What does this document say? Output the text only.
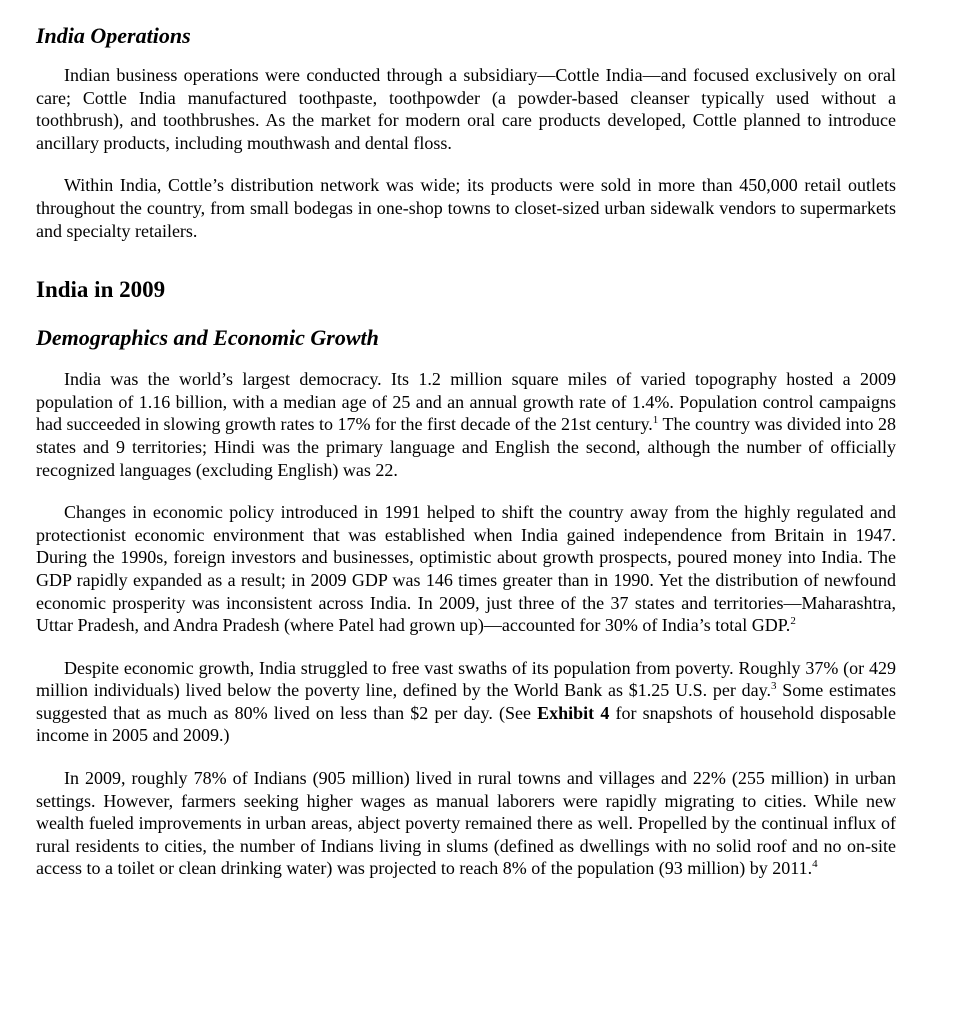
India Operations

Indian business operations were conducted through a subsidiary—Cottle India—and focused exclusively on oral care; Cottle India manufactured toothpaste, toothpowder (a powder-based cleanser typically used without a toothbrush), and toothbrushes. As the market for modern oral care products developed, Cottle planned to introduce ancillary products, including mouthwash and dental floss.

Within India, Cottle’s distribution network was wide; its products were sold in more than 450,000 retail outlets throughout the country, from small bodegas in one-shop towns to closet-sized urban sidewalk vendors to supermarkets and specialty retailers.

India in 2009
Demographics and Economic Growth

India was the world’s largest democracy. Its 1.2 million square miles of varied topography hosted a 2009 population of 1.16 billion, with a median age of 25 and an annual growth rate of 1.4%. Population control campaigns had succeeded in slowing growth rates to 17% for the first decade of the 21st century.$^1$ The country was divided into 28 states and 9 territories; Hindi was the primary language and English the second, although the number of officially recognized languages (excluding English) was 22.

Changes in economic policy introduced in 1991 helped to shift the country away from the highly regulated and protectionist economic environment that was established when India gained independence from Britain in 1947. During the 1990s, foreign investors and businesses, optimistic about growth prospects, poured money into India. The GDP rapidly expanded as a result; in 2009 GDP was 146 times greater than in 1990. Yet the distribution of newfound economic prosperity was inconsistent across India. In 2009, just three of the 37 states and territories—Maharashtra, Uttar Pradesh, and Andra Pradesh (where Patel had grown up)—accounted for 30% of India’s total GDP.$^2$

Despite economic growth, India struggled to free vast swaths of its population from poverty. Roughly 37% (or 429 million individuals) lived below the poverty line, defined by the World Bank as $1.25 U.S. per day.$^3$ Some estimates suggested that as much as 80% lived on less than $2 per day. (See Exhibit 4 for snapshots of household disposable income in 2005 and 2009.)

In 2009, roughly 78% of Indians (905 million) lived in rural towns and villages and 22% (255 million) in urban settings. However, farmers seeking higher wages as manual laborers were rapidly migrating to cities. While new wealth fueled improvements in urban areas, abject poverty remained there as well. Propelled by the continual influx of rural residents to cities, the number of Indians living in slums (defined as dwellings with no solid roof and no on-site access to a toilet or clean drinking water) was projected to reach 8% of the population (93 million) by 2011.$^4$
